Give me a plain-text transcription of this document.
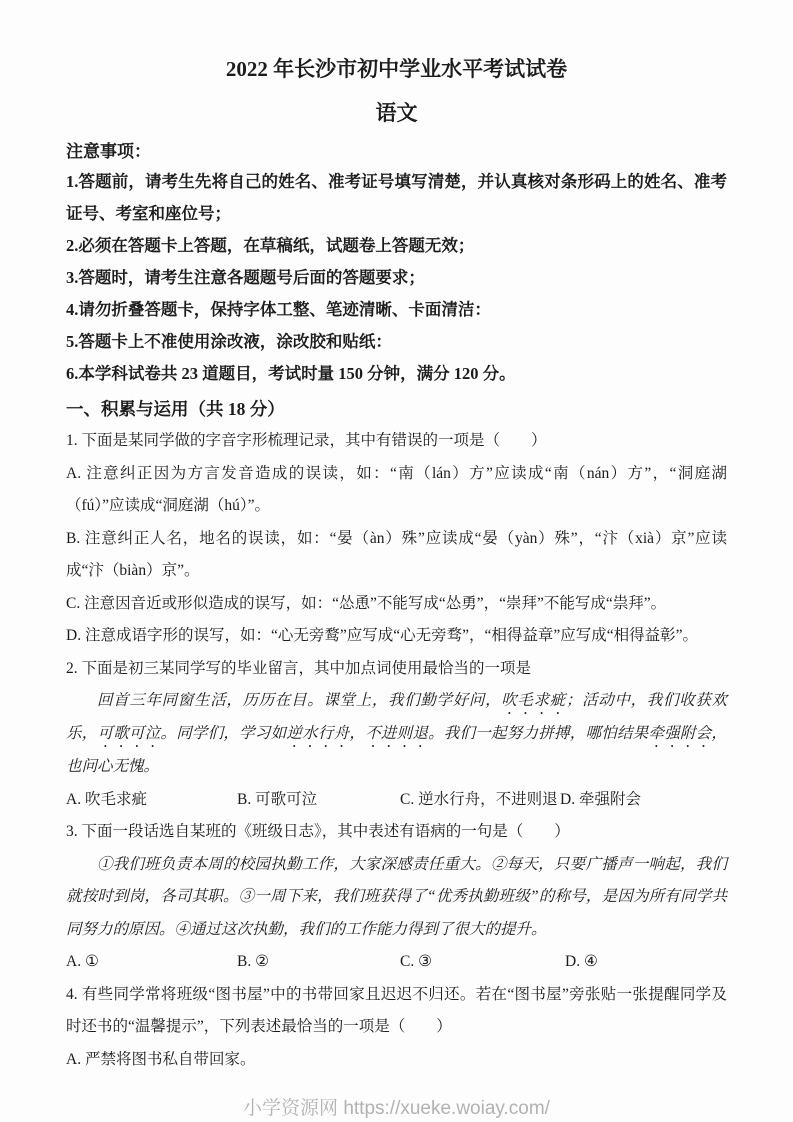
2022 年长沙市初中学业水平考试试卷
语文
注意事项：
1.答题前，请考生先将自己的姓名、准考证号填写清楚，并认真核对条形码上的姓名、准考证号、考室和座位号；
2.必须在答题卡上答题，在草稿纸，试题卷上答题无效；
3.答题时，请考生注意各题题号后面的答题要求；
4.请勿折叠答题卡，保持字体工整、笔迹清晰、卡面清洁：
5.答题卡上不准使用涂改液，涂改胶和贴纸：
6.本学科试卷共 23 道题目，考试时量 150 分钟，满分 120 分。
一、积累与运用（共 18 分）
1. 下面是某同学做的字音字形梳理记录，其中有错误的一项是（　　）
A. 注意纠正因为方言发音造成的误读，如：“南（lán）方”应读成“南（nán）方”，“洞庭湖（fú）”应读成“洞庭湖（hú）”。
B. 注意纠正人名，地名的误读，如：“晏（àn）殊”应读成“晏（yàn）殊”，“汴（xià）京”应读成“汴（biàn）京”。
C. 注意因音近或形似造成的误写，如：“怂恿”不能写成“怂勇”，“崇拜”不能写成“祟拜”。
D. 注意成语字形的误写，如：“心无旁鹜”应写成“心无旁骛”，“相得益章”应写成“相得益彰”。
2. 下面是初三某同学写的毕业留言，其中加点词使用最恰当的一项是
回首三年同窗生活，历历在目。课堂上，我们勤学好问，吹毛求疵；活动中，我们收获欢乐，可歌可泣。同学们，学习如逆水行舟，不进则退。我们一起努力拼搏，哪怕结果牵强附会，也问心无愧。
A. 吹毛求疵	B. 可歌可泣	C. 逆水行舟，不进则退 D. 牵强附会
3. 下面一段话选自某班的《班级日志》，其中表述有语病的一句是（　　）
①我们班负责本周的校园执勤工作，大家深感责任重大。②每天，只要广播声一响起，我们就按时到岗，各司其职。③一周下来，我们班获得了“优秀执勤班级”的称号，是因为所有同学共同努力的原因。④通过这次执勤，我们的工作能力得到了很大的提升。
A. ①	B. ②	C. ③	D. ④
4. 有些同学常将班级“图书屋”中的书带回家且迟迟不归还。若在“图书屋”旁张贴一张提醒同学及时还书的“温馨提示”，下列表述最恰当的一项是（　　）
A. 严禁将图书私自带回家。
小学资源网 https://xueke.woiay.com/
